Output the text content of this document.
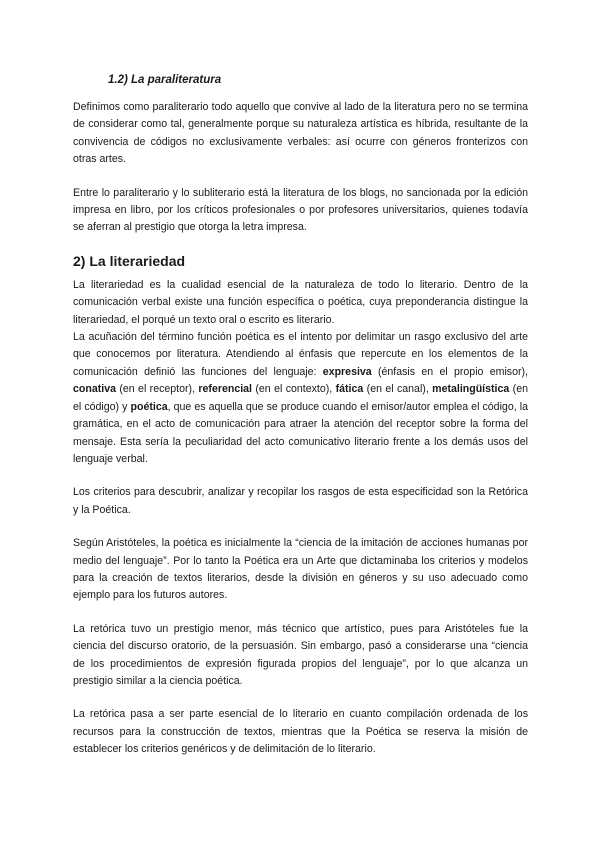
1.2) La paraliteratura

Definimos como paraliterario todo aquello que convive al lado de la literatura pero no se termina de considerar como tal, generalmente porque su naturaleza artística es híbrida, resultante de la convivencia de códigos no exclusivamente verbales: así ocurre con géneros fronterizos con otras artes.

Entre lo paraliterario y lo subliterario está la literatura de los blogs, no sancionada por la edición impresa en libro, por los críticos profesionales o por profesores universitarios, quienes todavía se aferran al prestigio que otorga la letra impresa.

2) La literariedad

La literariedad es la cualidad esencial de la naturaleza de todo lo literario. Dentro de la comunicación verbal existe una función específica o poética, cuya preponderancia distingue la literariedad, el porqué un texto oral o escrito es literario.

La acuñación del término función poética es el intento por delimitar un rasgo exclusivo del arte que conocemos por literatura. Atendiendo al énfasis que repercute en los elementos de la comunicación definió las funciones del lenguaje: expresiva (énfasis en el propio emisor), conativa (en el receptor), referencial (en el contexto), fática (en el canal), metalingüística (en el código) y poética, que es aquella que se produce cuando el emisor/autor emplea el código, la gramática, en el acto de comunicación para atraer la atención del receptor sobre la forma del mensaje. Esta sería la peculiaridad del acto comunicativo literario frente a los demás usos del lenguaje verbal.

Los criterios para descubrir, analizar y recopilar los rasgos de esta especificidad son la Retórica y la Poética.

Según Aristóteles, la poética es inicialmente la “ciencia de la imitación de acciones humanas por medio del lenguaje”. Por lo tanto la Poética era un Arte que dictaminaba los criterios y modelos para la creación de textos literarios, desde la división en géneros y su uso adecuado como ejemplo para los futuros autores.

La retórica tuvo un prestigio menor, más técnico que artístico, pues para Aristóteles fue la ciencia del discurso oratorio, de la persuasión. Sin embargo, pasó a considerarse una “ciencia de los procedimientos de expresión figurada propios del lenguaje”, por lo que alcanza un prestigio similar a la ciencia poética.

La retórica pasa a ser parte esencial de lo literario en cuanto compilación ordenada de los recursos para la construcción de textos, mientras que la Poética se reserva la misión de establecer los criterios genéricos y de delimitación de lo literario.
